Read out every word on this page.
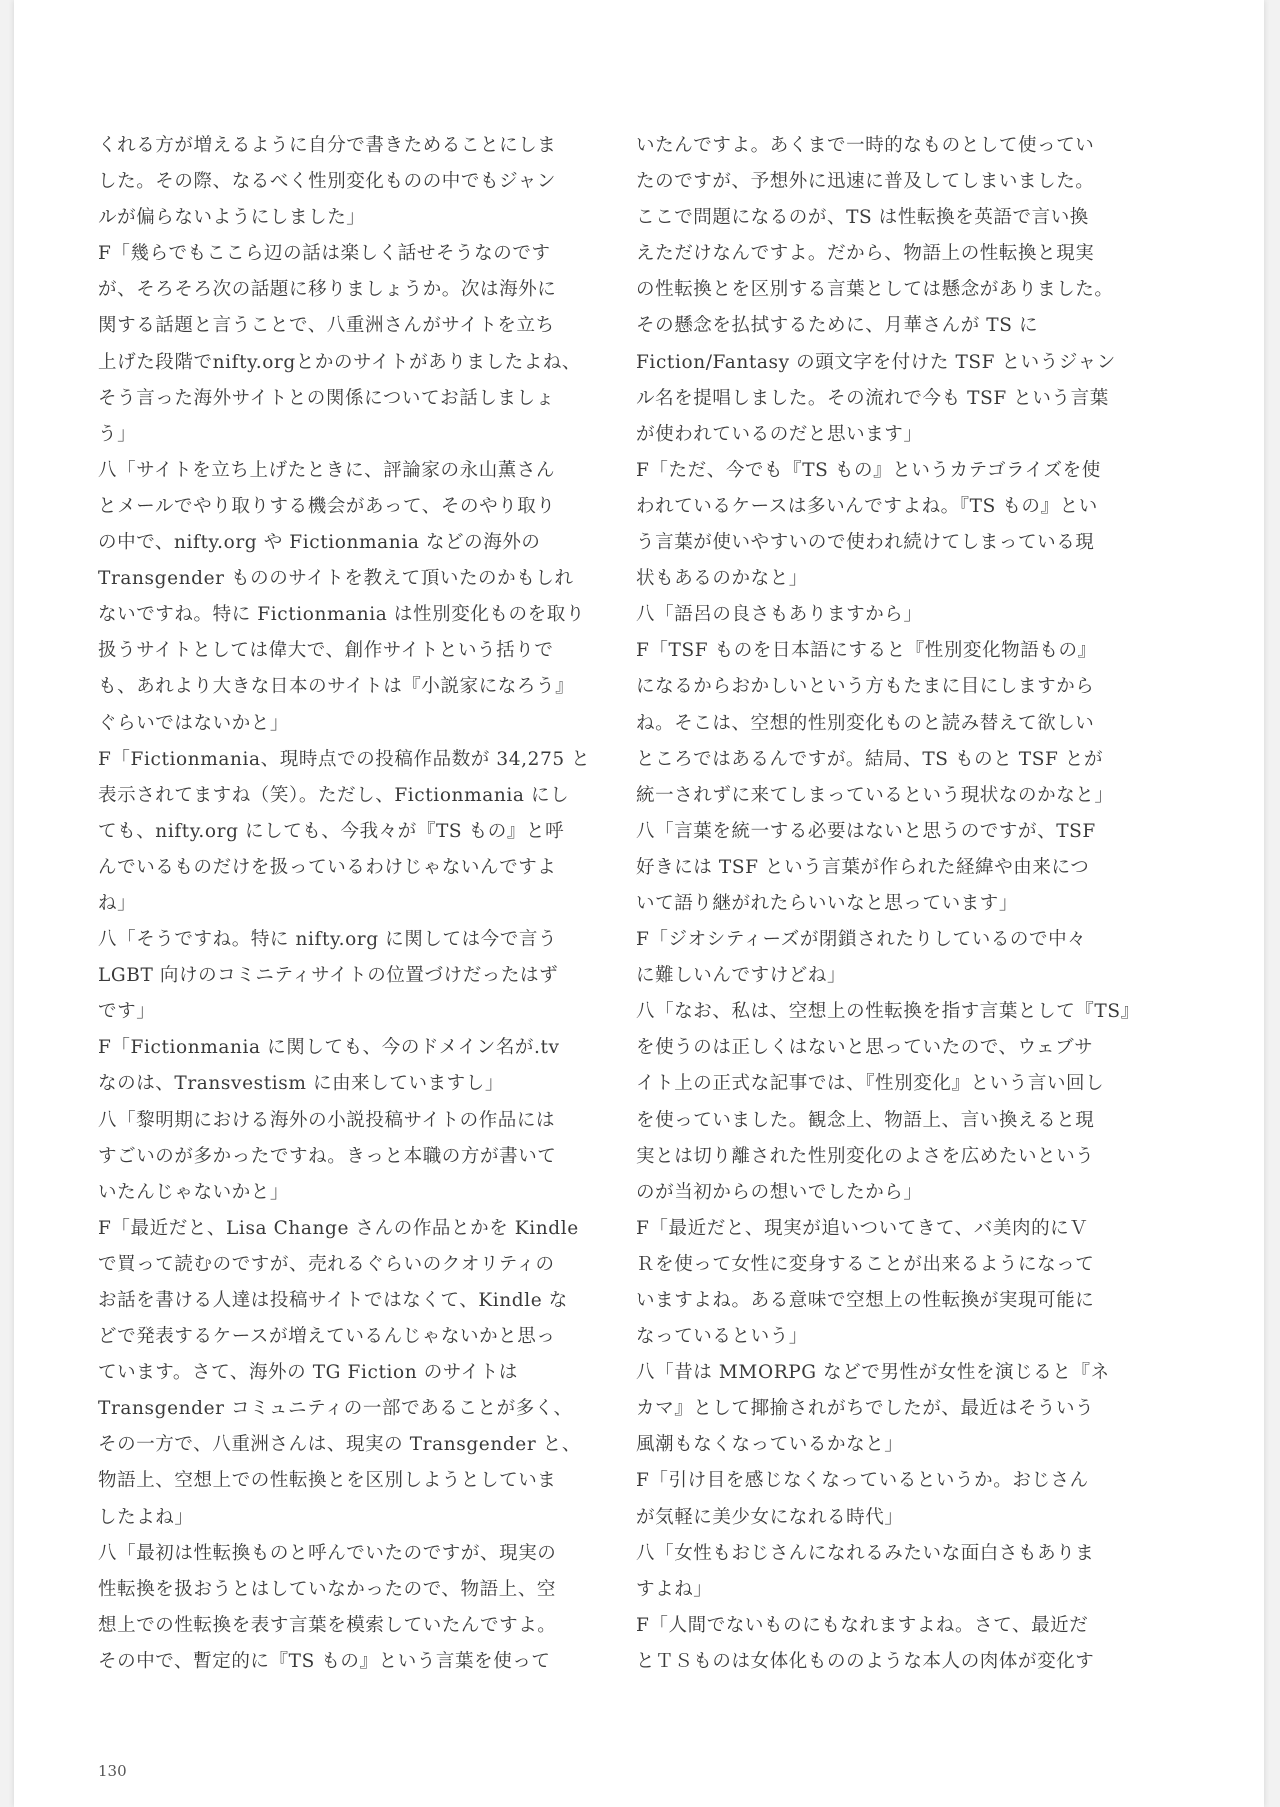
くれる方が増えるように自分で書きためることにしま
した。その際、なるべく性別変化ものの中でもジャン
ルが偏らないようにしました」
F「幾らでもここら辺の話は楽しく話せそうなのです
が、そろそろ次の話題に移りましょうか。次は海外に
関する話題と言うことで、八重洲さんがサイトを立ち
上げた段階でnifty.orgとかのサイトがありましたよね、
そう言った海外サイトとの関係についてお話しましょ
う」
八「サイトを立ち上げたときに、評論家の永山薫さん
とメールでやり取りする機会があって、そのやり取り
の中で、nifty.org や Fictionmania などの海外の
Transgender もののサイトを教えて頂いたのかもしれ
ないですね。特に Fictionmania は性別変化ものを取り
扱うサイトとしては偉大で、創作サイトという括りで
も、あれより大きな日本のサイトは『小説家になろう』
ぐらいではないかと」
F「Fictionmania、現時点での投稿作品数が 34,275 と
表示されてますね（笑）。ただし、Fictionmania にし
ても、nifty.org にしても、今我々が『TS もの』と呼
んでいるものだけを扱っているわけじゃないんですよ
ね」
八「そうですね。特に nifty.org に関しては今で言う
LGBT 向けのコミニティサイトの位置づけだったはず
です」
F「Fictionmania に関しても、今のドメイン名が.tv
なのは、Transvestism に由来していますし」
八「黎明期における海外の小説投稿サイトの作品には
すごいのが多かったですね。きっと本職の方が書いて
いたんじゃないかと」
F「最近だと、Lisa Change さんの作品とかを Kindle
で買って読むのですが、売れるぐらいのクオリティの
お話を書ける人達は投稿サイトではなくて、Kindle な
どで発表するケースが増えているんじゃないかと思っ
ています。さて、海外の TG Fiction のサイトは
Transgender コミュニティの一部であることが多く、
その一方で、八重洲さんは、現実の Transgender と、
物語上、空想上での性転換とを区別しようとしていま
したよね」
八「最初は性転換ものと呼んでいたのですが、現実の
性転換を扱おうとはしていなかったので、物語上、空
想上での性転換を表す言葉を模索していたんですよ。
その中で、暫定的に『TS もの』という言葉を使って
いたんですよ。あくまで一時的なものとして使ってい
たのですが、予想外に迅速に普及してしまいました。
ここで問題になるのが、TS は性転換を英語で言い換
えただけなんですよ。だから、物語上の性転換と現実
の性転換とを区別する言葉としては懸念がありました。
その懸念を払拭するために、月華さんが TS に
Fiction/Fantasy の頭文字を付けた TSF というジャン
ル名を提唱しました。その流れで今も TSF という言葉
が使われているのだと思います」
F「ただ、今でも『TS もの』というカテゴライズを使
われているケースは多いんですよね。『TS もの』とい
う言葉が使いやすいので使われ続けてしまっている現
状もあるのかなと」
八「語呂の良さもありますから」
F「TSF ものを日本語にすると『性別変化物語もの』
になるからおかしいという方もたまに目にしますから
ね。そこは、空想的性別変化ものと読み替えて欲しい
ところではあるんですが。結局、TS ものと TSF とが
統一されずに来てしまっているという現状なのかなと」
八「言葉を統一する必要はないと思うのですが、TSF
好きには TSF という言葉が作られた経緯や由来につ
いて語り継がれたらいいなと思っています」
F「ジオシティーズが閉鎖されたりしているので中々
に難しいんですけどね」
八「なお、私は、空想上の性転換を指す言葉として『TS』
を使うのは正しくはないと思っていたので、ウェブサ
イト上の正式な記事では、『性別変化』という言い回し
を使っていました。観念上、物語上、言い換えると現
実とは切り離された性別変化のよさを広めたいという
のが当初からの想いでしたから」
F「最近だと、現実が追いついてきて、バ美肉的にＶ
Ｒを使って女性に変身することが出来るようになって
いますよね。ある意味で空想上の性転換が実現可能に
なっているという」
八「昔は MMORPG などで男性が女性を演じると『ネ
カマ』として揶揄されがちでしたが、最近はそういう
風潮もなくなっているかなと」
F「引け目を感じなくなっているというか。おじさん
が気軽に美少女になれる時代」
八「女性もおじさんになれるみたいな面白さもありま
すよね」
F「人間でないものにもなれますよね。さて、最近だ
とＴＳものは女体化もののような本人の肉体が変化す
130
